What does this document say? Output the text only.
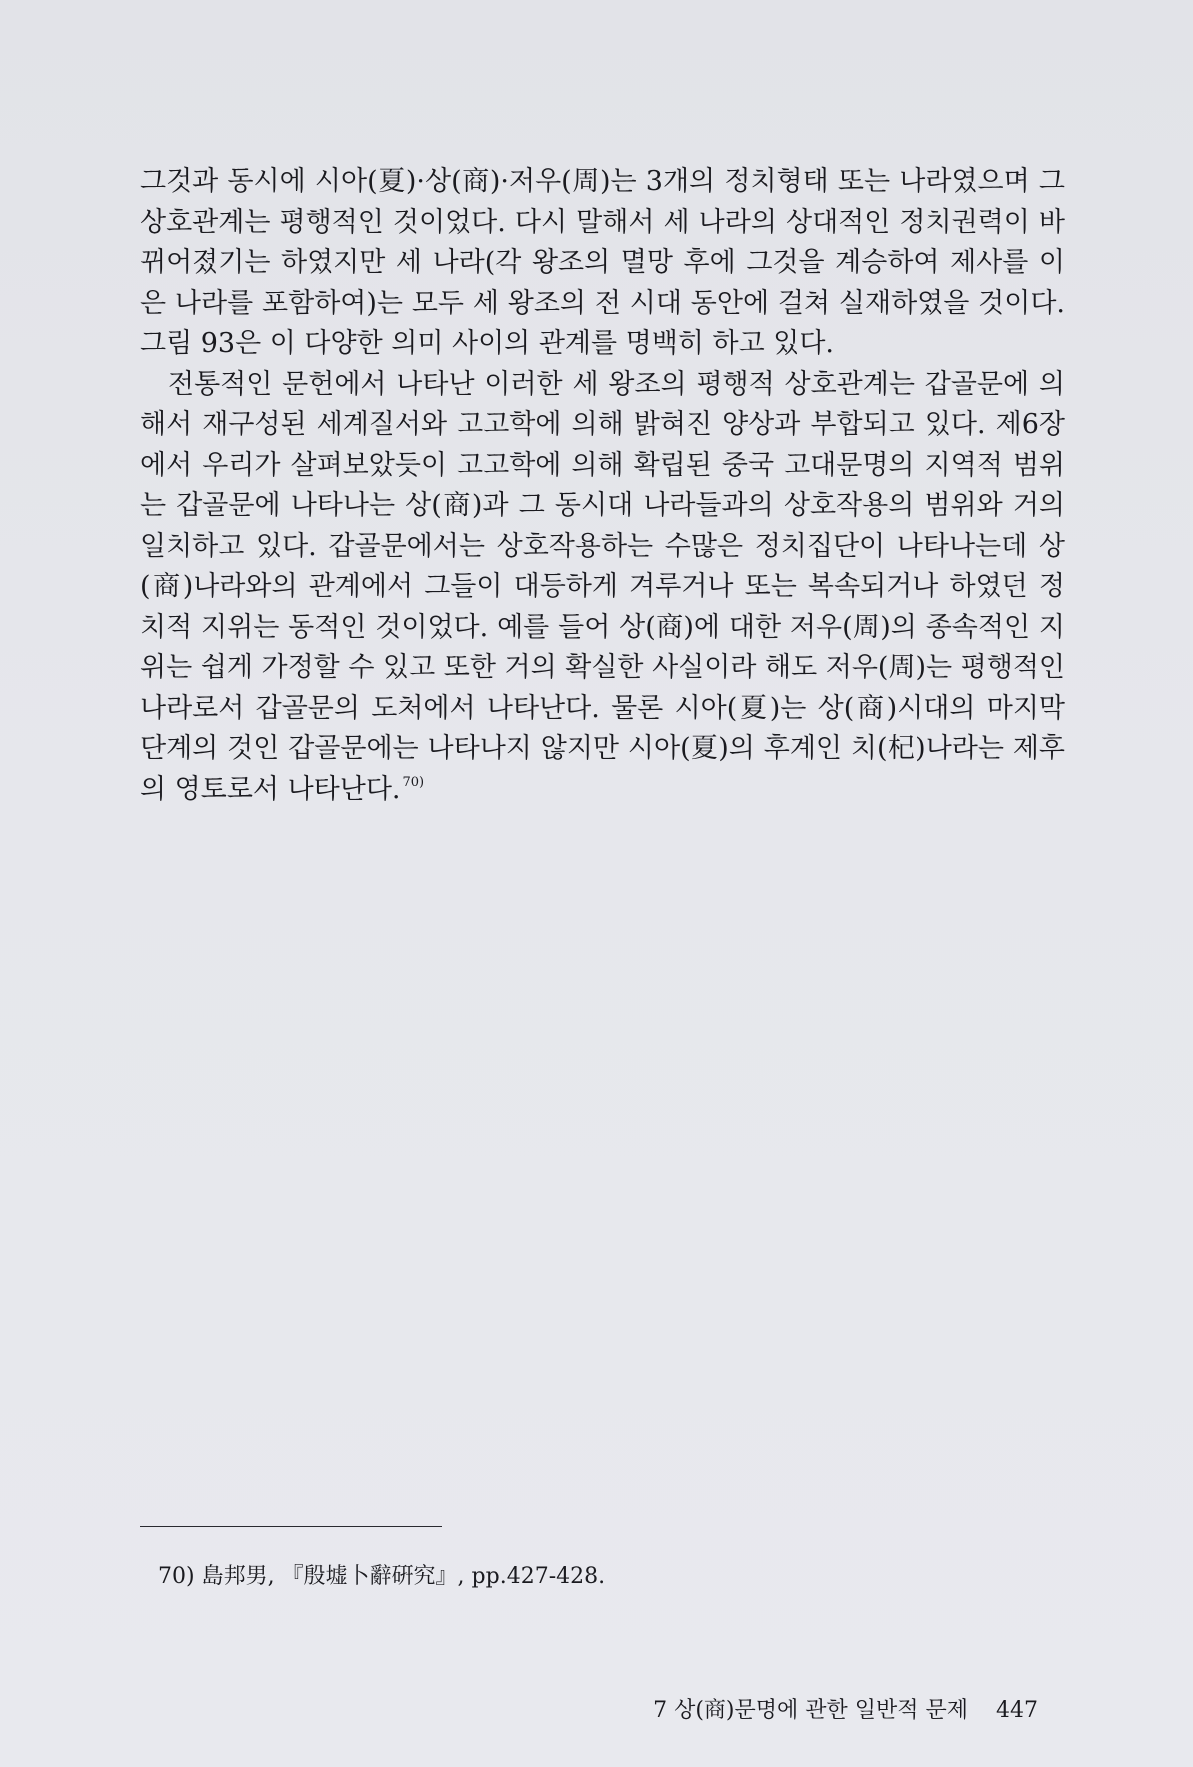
그것과 동시에 시아(夏)·상(商)·저우(周)는 3개의 정치형태 또는 나라였으며 그 상호관계는 평행적인 것이었다. 다시 말해서 세 나라의 상대적인 정치권력이 바뀌어졌기는 하였지만 세 나라(각 왕조의 멸망 후에 그것을 계승하여 제사를 이은 나라를 포함하여)는 모두 세 왕조의 전 시대 동안에 걸쳐 실재하였을 것이다. 그림 93은 이 다양한 의미 사이의 관계를 명백히 하고 있다.

전통적인 문헌에서 나타난 이러한 세 왕조의 평행적 상호관계는 갑골문에 의해서 재구성된 세계질서와 고고학에 의해 밝혀진 양상과 부합되고 있다. 제6장에서 우리가 살펴보았듯이 고고학에 의해 확립된 중국 고대문명의 지역적 범위는 갑골문에 나타나는 상(商)과 그 동시대 나라들과의 상호작용의 범위와 거의 일치하고 있다. 갑골문에서는 상호작용하는 수많은 정치집단이 나타나는데 상(商)나라와의 관계에서 그들이 대등하게 겨루거나 또는 복속되거나 하였던 정치적 지위는 동적인 것이었다. 예를 들어 상(商)에 대한 저우(周)의 종속적인 지위는 쉽게 가정할 수 있고 또한 거의 확실한 사실이라 해도 저우(周)는 평행적인 나라로서 갑골문의 도처에서 나타난다. 물론 시아(夏)는 상(商)시대의 마지막 단계의 것인 갑골문에는 나타나지 않지만 시아(夏)의 후계인 치(杞)나라는 제후의 영토로서 나타난다. $^{70)}$

70) 島邦男, 『殷墟卜辭硏究』, pp.427-428.
7 상(商)문명에 관한 일반적 문제 447
